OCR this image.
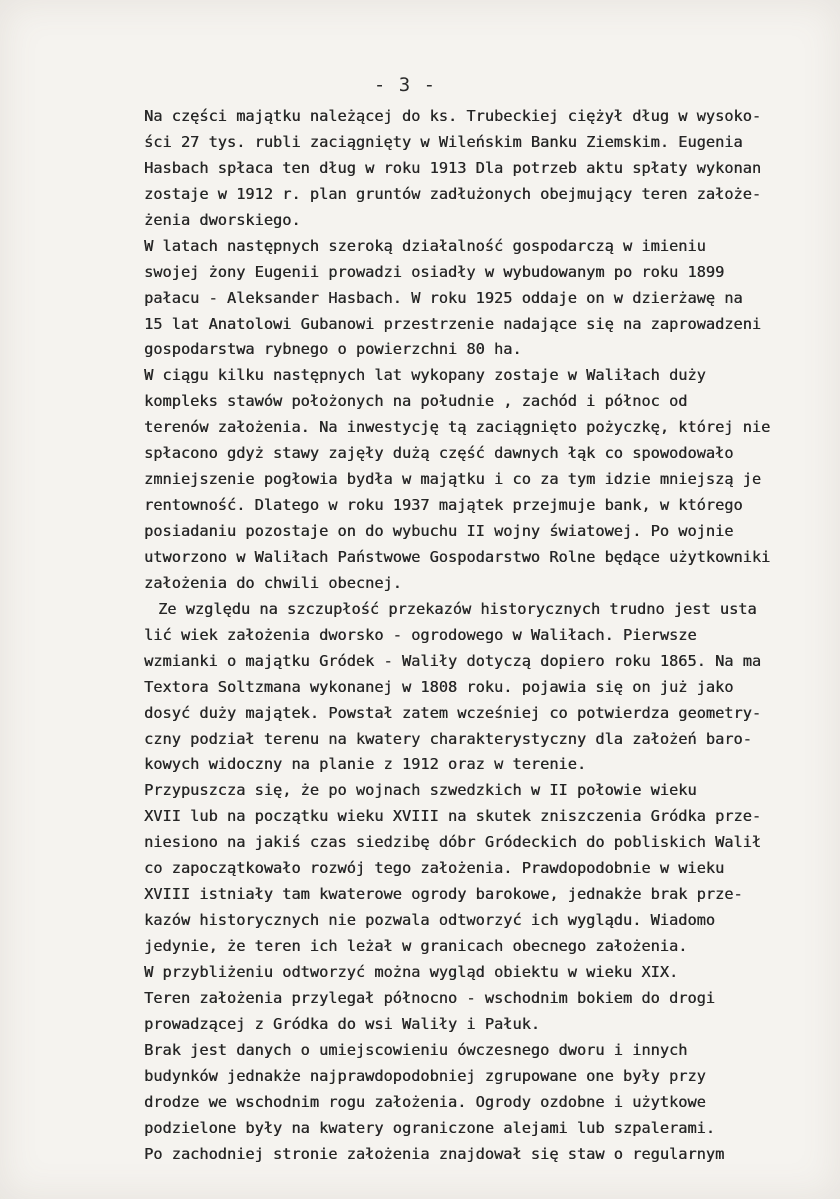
- 3 -
Na części majątku należącej do ks. Trubeckiej ciężył dług w wysoko-
ści 27 tys. rubli zaciągnięty w Wileńskim Banku Ziemskim. Eugenia
Hasbach spłaca ten dług w roku 1913 Dla potrzeb aktu spłaty wykonan
zostaje w 1912 r. plan gruntów zadłużonych obejmujący teren założe-
żenia dworskiego.
W latach następnych szeroką działalność gospodarczą w imieniu
swojej żony Eugenii prowadzi osiadły w wybudowanym po roku 1899
pałacu - Aleksander Hasbach. W roku 1925 oddaje on w dzierżawę na
15 lat Anatolowi Gubanowi przestrzenie nadające się na zaprowadzeni
gospodarstwa rybnego o powierzchni 80 ha.
W ciągu kilku następnych lat wykopany zostaje w Waliłach duży
kompleks stawów położonych na południe , zachód i północ od
terenów założenia. Na inwestycję tą zaciągnięto pożyczkę, której nie
spłacono gdyż stawy zajęły dużą część dawnych łąk co spowodowało
zmniejszenie pogłowia bydła w majątku i co za tym idzie mniejszą je
rentowność. Dlatego w roku 1937 majątek przejmuje bank, w którego
posiadaniu pozostaje on do wybuchu II wojny światowej. Po wojnie
utworzono w Waliłach Państwowe Gospodarstwo Rolne będące użytkowniki
założenia do chwili obecnej.
Ze względu na szczupłość przekazów historycznych trudno jest usta
lić wiek założenia dworsko - ogrodowego w Waliłach. Pierwsze
wzmianki o majątku Gródek - Waliły dotyczą dopiero roku 1865. Na ma
Textora Soltzmana wykonanej w 1808 roku. pojawia się on już jako
dosyć duży majątek. Powstał zatem wcześniej co potwierdza geometry-
czny podział terenu na kwatery charakterystyczny dla założeń baro-
kowych widoczny na planie z 1912 oraz w terenie.
Przypuszcza się, że po wojnach szwedzkich w II połowie wieku
XVII lub na początku wieku XVIII na skutek zniszczenia Gródka prze-
niesiono na jakiś czas siedzibę dóbr Gródeckich do pobliskich Walił
co zapoczątkowało rozwój tego założenia. Prawdopodobnie w wieku
XVIII istniały tam kwaterowe ogrody barokowe, jednakże brak prze-
kazów historycznych nie pozwala odtworzyć ich wyglądu. Wiadomo
jedynie, że teren ich leżał w granicach obecnego założenia.
W przybliżeniu odtworzyć można wygląd obiektu w wieku XIX.
Teren założenia przylegał północno - wschodnim bokiem do drogi
prowadzącej z Gródka do wsi Waliły i Pałuk.
Brak jest danych o umiejscowieniu ówczesnego dworu i innych
budynków jednakże najprawdopodobniej zgrupowane one były przy
drodze we wschodnim rogu założenia. Ogrody ozdobne i użytkowe
podzielone były na kwatery ograniczone alejami lub szpalerami.
Po zachodniej stronie założenia znajdował się staw o regularnym
